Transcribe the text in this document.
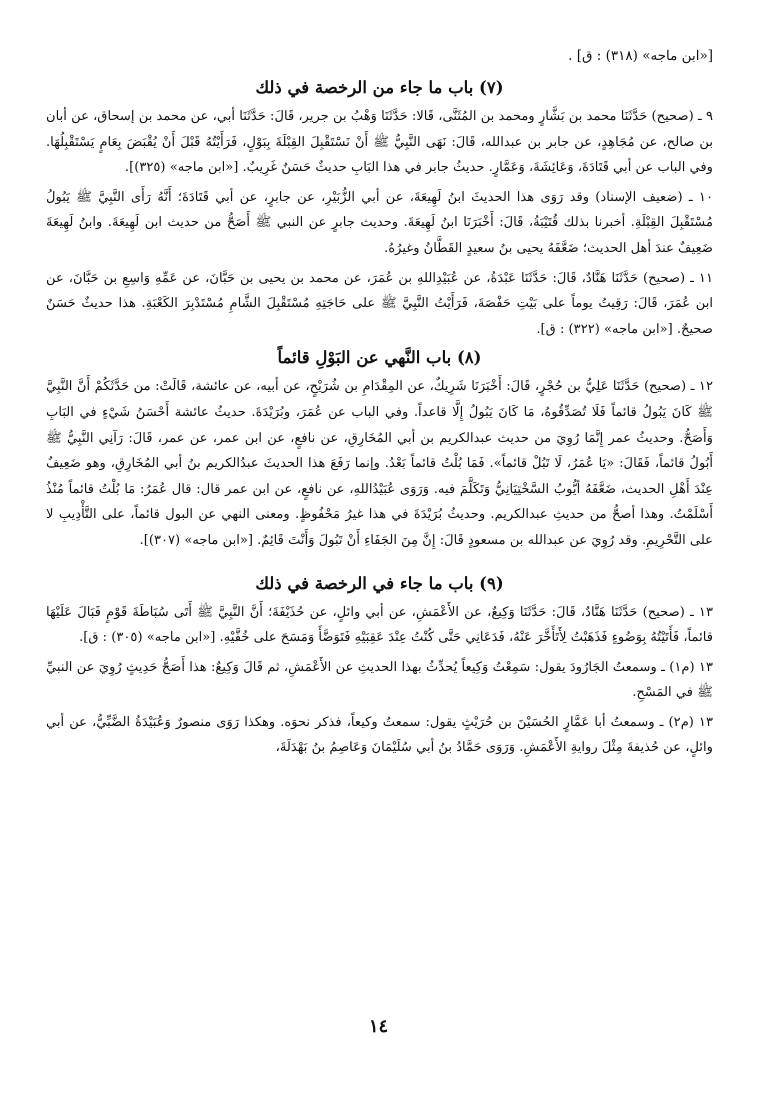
[«ابن ماجه» (٣١٨) : ق] .
(٧) باب ما جاء من الرخصة في ذلك

٩ ـ (صحيح) حَدَّثَنَا محمد بن بَشَّارٍ ومحمد بن المُثَنَّى، قَالا: حَدَّثَنَا وَهْبُ بن جرير، قَالَ: حَدَّثَنَا أبي، عن محمد بن إسحاق، عن أبان بن صالح، عن مُجَاهِدٍ، عن جابر بن عبدالله، قَالَ: نَهَى النَّبِيُّ ﷺ أَنْ نَسْتَقْبِلَ القِبْلَةَ بِبَوْلٍ، فَرَأَيْتُهُ قَبْلَ أَنْ يُقْبَضَ بِعَامٍ يَسْتَقْبِلُهَا. وفي الباب عن أبي قَتَادَةَ، وَعَائِشَةَ، وَعَمَّارٍ. حديثُ جابر في هذا البَابِ حديثٌ حَسَنٌ غَرِيبٌ. [«ابن ماجه» (٣٢٥)].

١٠ ـ (ضعيف الإسناد) وقد رَوَى هذا الحديثَ ابنُ لَهِيعَةَ، عن أبي الزُّبَيْرِ، عن جابرٍ، عن أبي قَتَادَةَ؛ أَنَّهُ رَأَى النَّبِيَّ ﷺ يَبُولُ مُسْتَقْبِلَ القِبْلَةِ. أخبرنا بذلك قُتَيْبَةُ، قَالَ: أَخْبَرَنَا ابنُ لَهِيعَةَ. وحديث جابرٍ عن النبي ﷺ أَصَحُّ من حديث ابن لَهِيعَةَ. وابنُ لَهِيعَةَ ضَعِيفٌ عندَ أهل الحديث؛ ضَعَّفَهُ يحيى بنُ سعيدٍ القَطَّانُ وغيرُهُ.

١١ ـ (صحيح) حَدَّثَنَا هَنَّادٌ، قَالَ: حَدَّثَنَا عَبْدَةُ، عن عُبَيْدِاللهِ بن عُمَرَ، عن محمد بن يحيى بن حَبَّانَ، عن عَمِّهِ وَاسِعِ بن حَبَّانَ، عن ابن عُمَرَ، قَالَ: رَقِيتُ يوماً على بَيْتِ حَفْصَةَ، فَرَأَيْتُ النَّبِيَّ ﷺ على حَاجَتِهِ مُسْتَقْبِلَ الشَّامِ مُسْتَدْبِرَ الكَعْبَةِ. هذا حديثٌ حَسَنٌ صحيحٌ. [«ابن ماجه» (٣٢٢) : ق].

(٨) باب النَّهي عن البَوْلِ قائماً

١٢ ـ (صحيح) حَدَّثَنَا عَلِيُّ بن حُجْرٍ، قَالَ: أَخْبَرَنَا شَرِيكٌ، عن المِقْدَامِ بن شُرَيْحٍ، عن أبيه، عن عائشة، قَالَتْ: من حَدَّثَكُمْ أَنَّ النَّبِيَّ ﷺ كَانَ يَبُولُ قائماً فَلَا تُصَدِّقُوهُ، مَا كَانَ يَبُولُ إِلَّا قاعداً. وفي الباب عن عُمَرَ، وبُرَيْدَةَ. حديثُ عائشة أَحْسَنُ شَيْءٍ في البَابِ وَأَصَحُّ. وحديثُ عمر إِنَّمَا رُوِيَ من حديث عبدالكريم بن أبي المُخَارِقِ، عن نافعٍ، عن ابن عمر، عن عمر، قَالَ: رَآنِي النَّبِيُّ ﷺ أَبُولُ قائماً، فَقَالَ: «يَا عُمَرُ، لَا تَبُلْ قائماً». فَمَا بُلْتُ قائماً بَعْدُ. وإنما رَفَعَ هذا الحديثَ عبدُالكريم بنُ أبي المُخَارِقِ، وهو ضَعِيفٌ عِنْدَ أَهْلِ الحديث، ضَعَّفَهُ أيُّوبُ السَّخْتِيَانِيُّ وَتَكَلَّمَ فيه. وَرَوَى عُبَيْدُاللهِ، عن نافعٍ، عن ابن عمر قال: قال عُمَرُ: مَا بُلْتُ قائماً مُنْذُ أَسْلَمْتُ. وهذا أصحُّ من حديثِ عبدالكريم. وحديثُ بُرَيْدَةَ في هذا غيرُ مَحْفُوظٍ. ومعنى النهي عن البول قائماً، على التَّأْدِيبِ لا على التَّحْرِيمِ. وقد رُوِيَ عن عبدالله بن مسعودٍ قَالَ: إِنَّ مِنَ الجَفَاءِ أَنْ تَبُولَ وَأَنْتَ قَائِمٌ. [«ابن ماجه» (٣٠٧)].

(٩) باب ما جاء في الرخصة في ذلك

١٣ ـ (صحيح) حَدَّثَنَا هَنَّادٌ، قَالَ: حَدَّثَنَا وَكِيعٌ، عن الأَعْمَشِ، عن أبي وائلٍ، عن حُذَيْفَةَ؛ أَنَّ النَّبِيَّ ﷺ أَتَى سُبَاطَةَ قَوْمٍ فَبَالَ عَلَيْهَا قائماً، فَأَتَيْتُهُ بِوَضُوءٍ فَذَهَبْتُ لِأَتَأَخَّرَ عَنْهُ، فَدَعَانِي حَتَّى كُنْتُ عِنْدَ عَقِبَيْهِ فَتَوَضَّأَ وَمَسَحَ على خُفَّيْهِ. [«ابن ماجه» (٣٠٥) : ق].

١٣ (م١) ـ وسمعتُ الجَارُودَ يقول: سَمِعْتُ وَكِيعاً يُحدِّثُ بهذا الحديثِ عن الأَعْمَشِ، ثم قَالَ وَكِيعٌ: هذا أَصَحُّ حَدِيثٍ رُوِيَ عن النبيِّ ﷺ في المَسْحِ.

١٣ (م٢) ـ وسمعتُ أبا عَمَّارٍ الحُسَيْنَ بن حُرَيْثٍ يقول: سمعتُ وكيعاً، فذكر نحوَه. وهكذا رَوَى منصورٌ وَعُبَيْدَةُ الضَّبِّيُّ، عن أبي وائلٍ، عن حُذيفةَ مِثْلَ روايةِ الأَعْمَشِ. وَرَوَى حَمَّادُ بنُ أبي سُلَيْمَانَ وَعَاصِمُ بنُ بَهْدَلَةَ،

١٤
